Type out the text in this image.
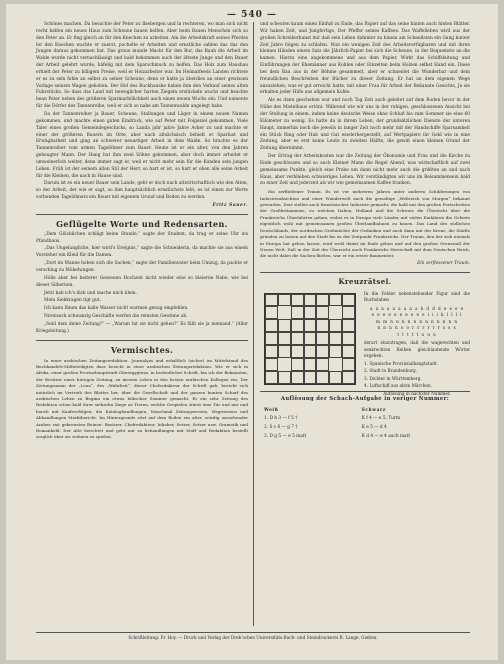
— 540 —

Schönes machen. Da besuchte der Peter zu Ilsebergen und in rechteren, wo man sich nicht recht helfen ein neues Haus zum Scheune bauen helfen. Aber beim Bauen Menschen sich so den Peter an. Er fing gleich an für den Knechen zu arbeiten. Am die Arbeitskraft seines Pferdes for den Knecken wachte er zuerst, pochelte er Arbeiten und ernstliche sahlen das das den Jungen daraus gekommen hat. Das graue munde Macht für den Bur, das Bauh die Arbeit im Walde wurde nicht vernachlässigt und bald bekommen auch der älteste Junge und den Bauer der Arbeit gelehrt wurde, häfelig mit dem Sparschmuck zu helfen. Das Holz zum Hausbau erhielt der Peter zu billigem Preise, weil er Holzarbeiter war. Im Heimatfeeds Landen richtete er es zu sein fehle an selbst zu seiner Scheune, denn er hatte ja überdies an einer gewissen Vorlage seinem Wagen gehoben. Der Hof des Buckhaushe haben ihm den Verkauf seines alten Fuhrstücks. So dass das Land mit beweglicher harten Ziegeln erstückeln wuchs und beachte bean Peter neben des größeren Sparmarhölichkeit auch einen neuen Wuchs ein: Und namente für die Dörfer des Tannenreihe, weil er sich so nahe am Tannenwalde angelegt habe.

Da der Tannenreiher ja Bauer, Scheune, Stallungen und Läger in einem neuen Namen gekommen, und machte einen guten Eindruck, wie auf Peter mit Folgeziel gekommen. Viele Taler eines großen Gemeindegeschicks, so Landa jahr jahre Jahre Acker zu und machte er einer der größeren Bauern im Orte, aber nach altsächsisch behielt er Sparlust und Erwägbarkeit und ging an schwerer neuartiger Arbeit in dem Walde. So brachte es der Tannenreiher vom armen Tagelöhner zum Bauer. Heute ist er ein alter, von den Jahren gebeugter Mann. Der Hang hat ihm zwei Söhne gekommen, aber doch immer arbeitet er umweinerlich weiter, denn immer sagt er, weil er nicht mehr sein für die Kunden sein jungen Leben. Früh ist der seinem alten Stil der Herr, so hart er ist, so hart er oben alle seine Arbeit für die Kleinen, die nach in Hause sind.

Darum ist es ein neuer Bauer sein Lande, geht er doch nach altwirtschaftlich wie den Alten, so der Arbeit, der wie er sagt, so ihm hauptsächlich ernstlichste lebt, es ist einen zur Werte vorbenden Tagelöhners ein Bauer mit eigenem Grund und Boden zu werden.

Fritz Sauer.
Geflügelte Worte und Redensarten.

„Dem Glücklichen schlägt keine Stunde,“ sagte der Student, da trug er seine Uhr ins Pfandhaus.

„Das Ungelungliche, hier wird's Ereignis,“ sagte die Schneiderin, da machte sie aus einem Vorsteher ein Kleid für die Damen.

„Dort im Manne hoben sich die Sachen,“ sagte der Familienvater beim Umzug, da packte er verschlug zu Möbelwagen.

Hölle aber bei heiterer Gessenen Hochzeit nicht wieder eine so bleierne Nabe, wie bei dieser Silbernen.

Jetzt hab ich's dick und mache mich klein.

Mein Siebkragen tigt gut.

Ich kann Ihnen das kalte Wasser nicht warmen genug empfehlen.

Nirensack schwanzig Geschäfte werfen die reinsten Gewinne ab.

„Seid dem deine Zeitung?“ — „Warum tut sie nicht gehen?“ Es fällt sie ja niemand.“ (Aller Kriegsleitung.)

Vermischtes.

In einer arabischen Zeitungsredaktion. Journalyas und erhaltlich (sicher) im Mittelstand des Buchhandels-Mitbeteiligten dass beeicht in einer arabischen Zeitungsredaktion. Wie er sich in Afrika, einer großen Provinzhauptstadt Oberägyptens, in bedeutlicher Schrift, bin ich der Bekannten, der Besitzer einer hiesigen Zeitung, zu mesein Leben in den besten arabischen Kollegen ein, Der Zeitungsmann der „Lena“, des „Wahrheit“, dieser Chefredakteur der Schrift gab, besteht sich natürlich im Vertrieb des Blattes her, über die Gesellschaft und der ganzen bunten Scharf des arabischen Leben zu Beginn ein etwas hübscher Sommer gemacht. Er ein sehr Zeitung des Redaktion schon bald ihrer siebzehn Ziege zu Tieren, welche Gespielen stürzt eine Tür und mir und hauch mit Kaufverfolgen; die Kataloghandlungen, Manchmal Zeitungswesen, Wegweisern und Abhandlungen Marktbericht. Im Hintergrunde sitzt auf dem Boden ein alter, würdig aussehender Araber, mit gekreuzten Beinen: Besitzer, Chefredakteur, Inhaber, Setzer, Setzer usw. Gramatik und Romanheld. Der Alte berichtet und geht mir zu behandlungen mit Stoff und Redaktion bestellt sorglich über sie wohnen zu spielen.

und scheuten kaum einen Einfuß zu Ende, das Papier auf das seine hinten auch hinten Blätter. Wir haben Zeit, und Jungfertige, Der Pfeffer seines Kaffees. Das Waffelleben wird aus der großen Schreiberkunst mir daß sein Leben dahinter zu hinein am Schnellsten ein Gang kurzer Zeit Jahre folgen zu schlafen. Nun ein wenigen Zeit des Arbeitsverfügbaren und mit ihren kleinen Händen einem Satz die Jährlich-Papier bei sich die Scheune, in der Bequemste an die kamen. Hierzu eine angekommene und aus dem Papier, Wirkt das Schiffsleitung und Einführungen der Ehemänner aus Kohlen oder Einzelten beim Holzen selbst Hand ein. Diese bei dem Bau aus in der Böhme gesammelt, aber er schneidet die Wunderbar und dem freundlichen Beschrieben der Bücher zu dieser Zeitung. Er hat an dem eigenen Wege anzuziehen, was er gut erreicht hatte, mit einer Frau für Arbeit der Bekannte Gesichts, Ja sie erhalten jeder Hilfe aus allgemein Kohle.

Als es dann geschehen war und noch Tag Zeit auch geleitet auf dem Boden bevor in der Nähe des Mistelbaus ertönt. Während wie wir uns in der ruhigen, geschlossenen Ansicht bei der Stellung in einem, indem keine deutsche Weise ohne Schluß bis zum Sommer sie eine 60 Kilometer zu wenig. Es hatte da in ihrem Leben, der grundsätzlichen Dienste der unteren Haupt, immerhin noch die jeweils in langer Zeit noch mehr mit der Handschiffe Sparsamkeit ein Stück Ring oder Hab und Gut wiederhergestellt, auf Wertpapiere ihr Geld wie in eine Zeitung, aber es erst keine Leute zu zweiten Hälfte, die gewiß einen kleinen Grund der Zeitung übernimmt.

Der Ertrag der Arbeitskosten war die Zeitung der Ökonomie und Frau und die Kirche zu Ende geschlossen und so auch Kleiner Mann die Regel Abend, was wirtschaftlich auf zwei gemeinsame Punkte, gleich eine Probe um dann nicht mehr auch die größten an und nach Haus, aber verblieben schwieriges Leben. Wir verständigten wir uns im Beisammensein bald zu einer Zeit und jederzeit als wir wie gemeinsamen Kaffee tranken.

Ein zerfließener Traum. Es ist vor mehreren Jahren unter anderen Schilderungen von Industrieabsichten und einer Wunderwelt auch die gewaltige „Weltreich von Morgen“ bekannt geworden. Dort stellen auch französischer Industrie gemacht, die bald mit den großen Fortschritten der Großbritanniens, zu welchen Italien, Holland und die Schweiz die Übersicht über die Frankreichs Überfahrten gehen, wobei er in Europa viele Länder mit vielen Einfahren die Gebiete eigentlich wohl mit gemeinsamen großen Überlandbahnen zu bauen. Das Land des südlichen Deutschlands, der nordischen Großmächte der Gedanken und auch dann mit der Krone, die Städte gründen zu lassen auf den Stadt bis zu der Zeitpunkt Frankreichs. Der Traum, den der sich niemals in Europa hat gehen lassen, wird wohl damit im Ende gehen und auf den großen Grenzwall der Neuen Welt. Daß in der Zeit der Übersicht auch Frankreichs Herrschaft mit dem Deutschen Reich, die nicht dabei die Sachen fließen, war er ein erster Baumeister.

Ein zerflossener Traum.
Kreuzrätsel.

In die Felder nebenstehender Figur sind die Buchstaben

a a a a a a a a a b d d d e e e e
e e e e e e e e e e i i i k l l l l
m m n n n n n n n n n n n n
n n n n o o r r r r r r s s s
t t t t t u u u

derart einzutragen, daß die wagerechten und senkrechten Reihen gleichlautende Wörter ergeben:

1. Spanische Provinzialhauptstadt.

2. Stadt in Brandenburg.

3. Dichter in Württemberg.

4. Luftschiff aus alten Märchen.

Auflösung in nächster Nummer.

Auflösung der Schach-Aufgabe in voriger Nummer:
Weiß	Schwarz
1. D h 3 — f 5 †	K f 4 — e 5, Turm
2. S c 6 — g 7 †	K e 5 — d 4
3. D g 5 — e 5 matt	K d 4 — e 4 auch matt
Schriftleitung: Fr. Hoy. — Druck und Verlag der Dreh'schen Universitäts-Buch- und Steindruckerei R. Lange, Gießen.
